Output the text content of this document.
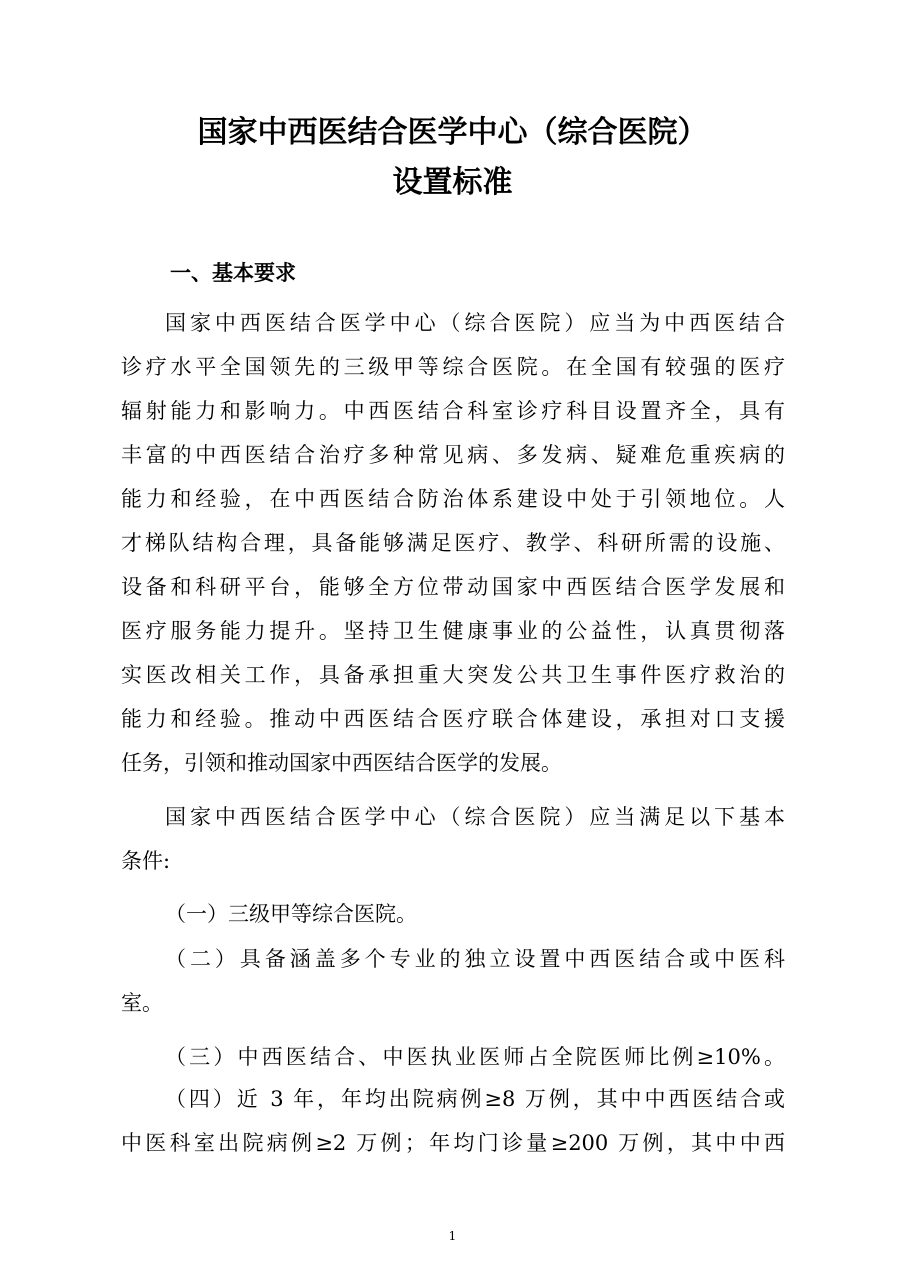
国家中西医结合医学中心（综合医院）
设置标准
一、基本要求
国家中西医结合医学中心（综合医院）应当为中西医结合
诊疗水平全国领先的三级甲等综合医院。在全国有较强的医疗
辐射能力和影响力。中西医结合科室诊疗科目设置齐全，具有
丰富的中西医结合治疗多种常见病、多发病、疑难危重疾病的
能力和经验，在中西医结合防治体系建设中处于引领地位。人
才梯队结构合理，具备能够满足医疗、教学、科研所需的设施、
设备和科研平台，能够全方位带动国家中西医结合医学发展和
医疗服务能力提升。坚持卫生健康事业的公益性，认真贯彻落
实医改相关工作，具备承担重大突发公共卫生事件医疗救治的
能力和经验。推动中西医结合医疗联合体建设，承担对口支援
任务，引领和推动国家中西医结合医学的发展。
国家中西医结合医学中心（综合医院）应当满足以下基本
条件:
（一）三级甲等综合医院。
（二）具备涵盖多个专业的独立设置中西医结合或中医科
室。
（三）中西医结合、中医执业医师占全院医师比例≥10%。
（四）近 3 年，年均出院病例≥8 万例，其中中西医结合或
中医科室出院病例≥2 万例；年均门诊量≥200 万例，其中中西
1
